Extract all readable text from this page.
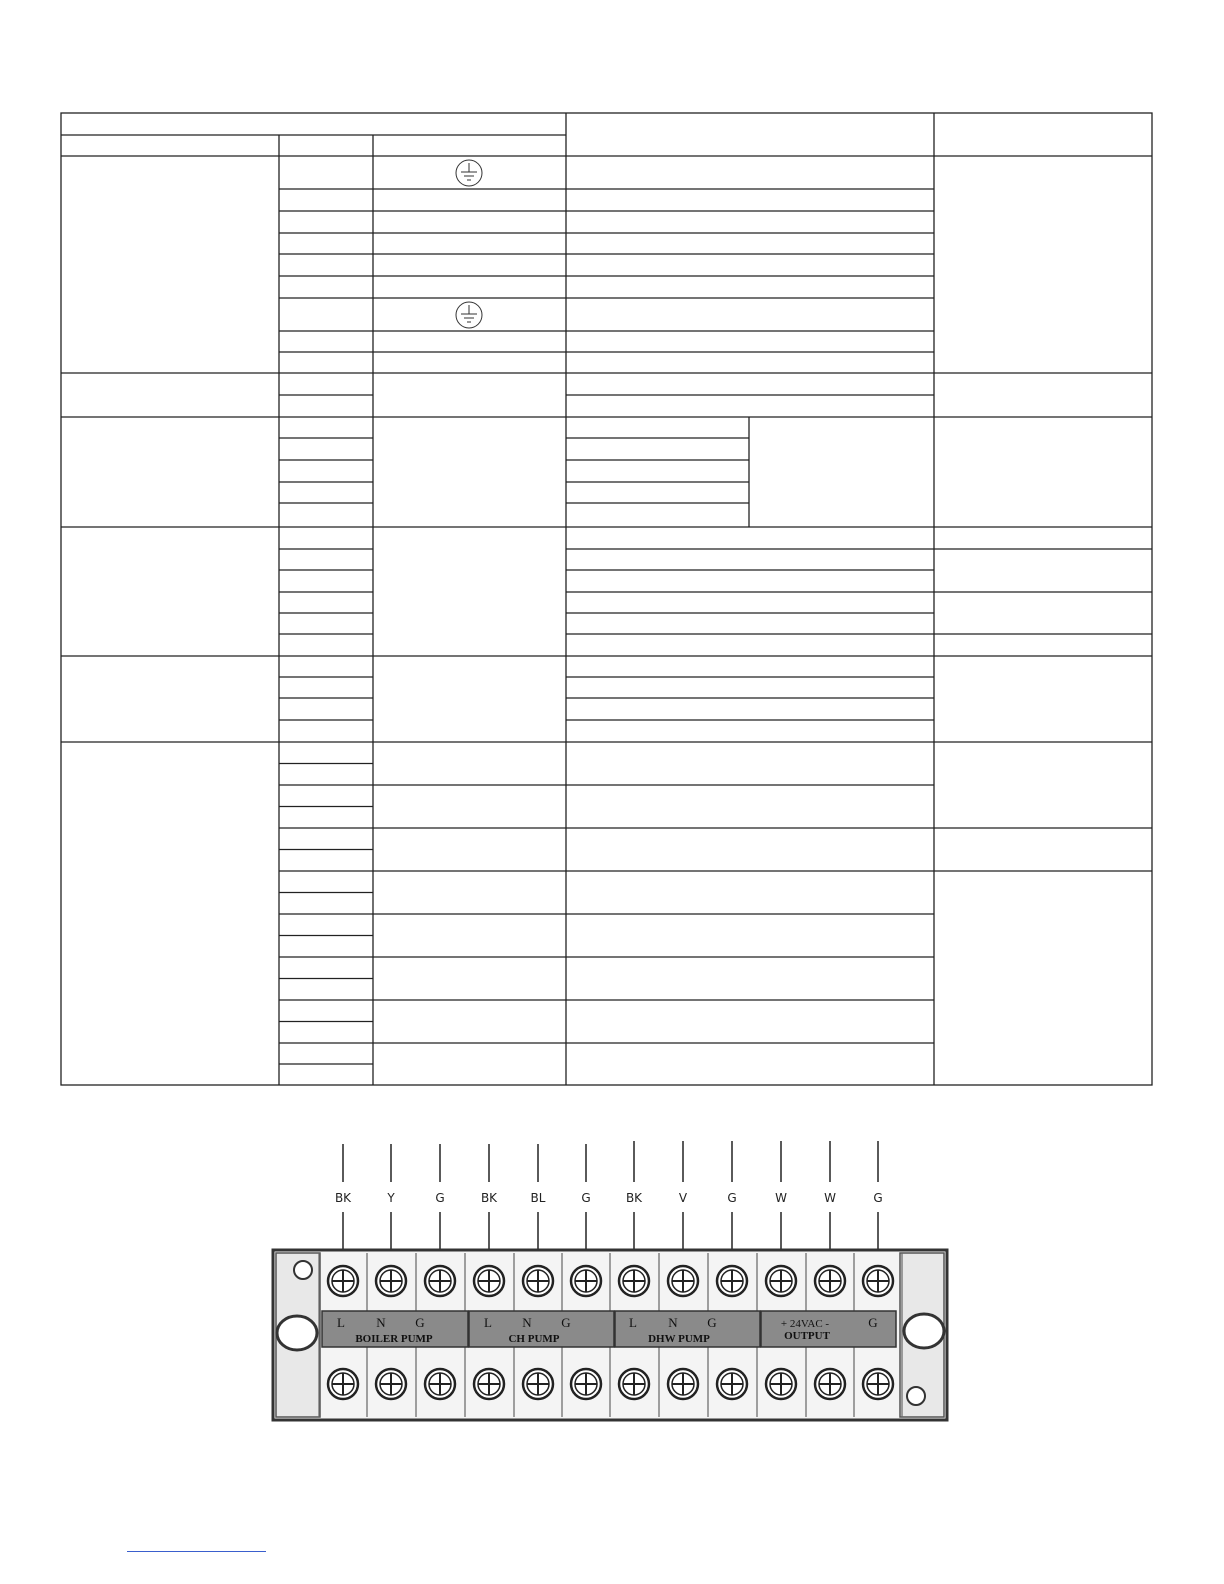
BK	Y	G	BK	BL	G	BK	V	G	W	W	G
L N G
BOILER PUMP
L N G
CH PUMP
L N G
DHW PUMP
+ 24VAC -	G
OUTPUT
